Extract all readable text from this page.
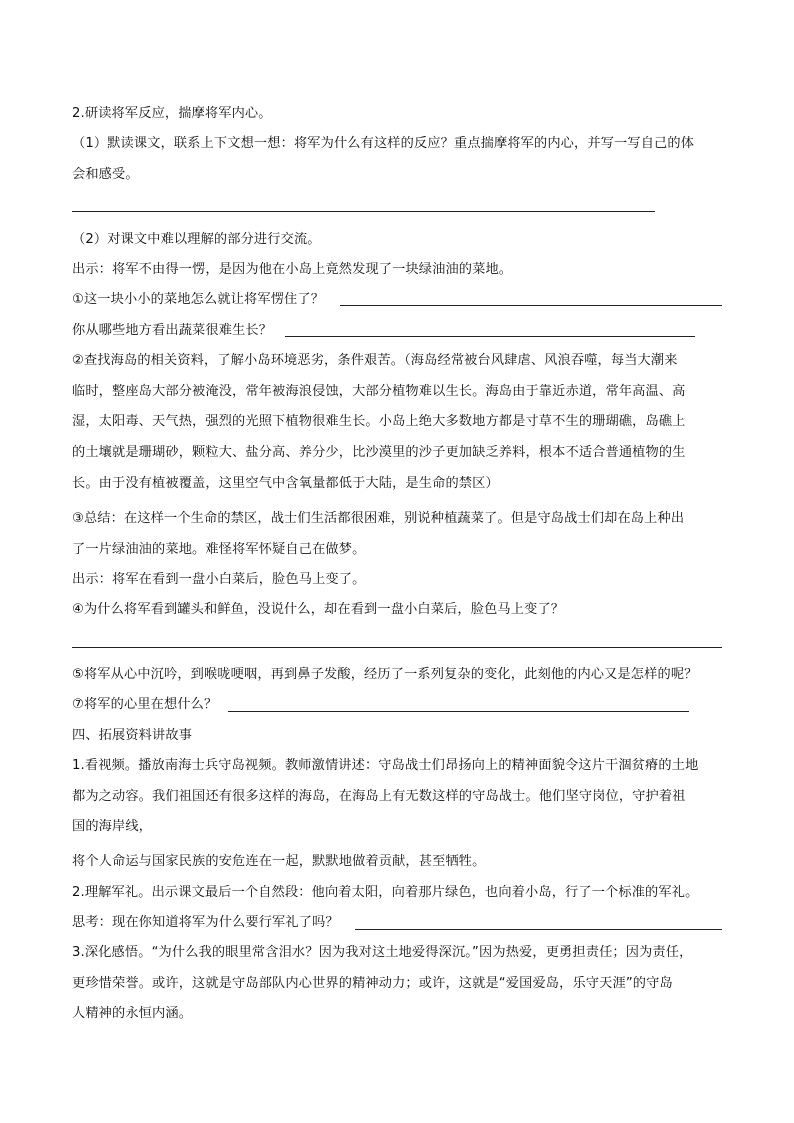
2.研读将军反应，揣摩将军内心。
（1）默读课文，联系上下文想一想：将军为什么有这样的反应？重点揣摩将军的内心，并写一写自己的体
会和感受。
（2）对课文中难以理解的部分进行交流。
出示：将军不由得一愣，是因为他在小岛上竟然发现了一块绿油油的菜地。
①这一块小小的菜地怎么就让将军愣住了？
你从哪些地方看出蔬菜很难生长？
②查找海岛的相关资料，了解小岛环境恶劣，条件艰苦。（海岛经常被台风肆虐、风浪吞噬，每当大潮来
临时，整座岛大部分被淹没，常年被海浪侵蚀，大部分植物难以生长。海岛由于靠近赤道，常年高温、高
湿，太阳毒、天气热，强烈的光照下植物很难生长。小岛上绝大多数地方都是寸草不生的珊瑚礁，岛礁上
的土壤就是珊瑚砂，颗粒大、盐分高、养分少，比沙漠里的沙子更加缺乏养料，根本不适合普通植物的生
长。由于没有植被覆盖，这里空气中含氧量都低于大陆，是生命的禁区）
③总结：在这样一个生命的禁区，战士们生活都很困难，别说种植蔬菜了。但是守岛战士们却在岛上种出
了一片绿油油的菜地。难怪将军怀疑自己在做梦。
出示：将军在看到一盘小白菜后，脸色马上变了。
④为什么将军看到罐头和鲜鱼，没说什么，却在看到一盘小白菜后，脸色马上变了？
⑤将军从心中沉吟，到喉咙哽咽，再到鼻子发酸，经历了一系列复杂的变化，此刻他的内心又是怎样的呢？
⑦将军的心里在想什么？
四、拓展资料讲故事
1.看视频。播放南海士兵守岛视频。教师激情讲述：守岛战士们昂扬向上的精神面貌令这片干涸贫瘠的土地
都为之动容。我们祖国还有很多这样的海岛，在海岛上有无数这样的守岛战士。他们坚守岗位，守护着祖
国的海岸线，
将个人命运与国家民族的安危连在一起，默默地做着贡献，甚至牺牲。
2.理解军礼。出示课文最后一个自然段：他向着太阳，向着那片绿色，也向着小岛，行了一个标准的军礼。
思考：现在你知道将军为什么要行军礼了吗？
3.深化感悟。“为什么我的眼里常含泪水？因为我对这土地爱得深沉。”因为热爱，更勇担责任；因为责任，
更珍惜荣誉。或许，这就是守岛部队内心世界的精神动力；或许，这就是“爱国爱岛，乐守天涯”的守岛
人精神的永恒内涵。
